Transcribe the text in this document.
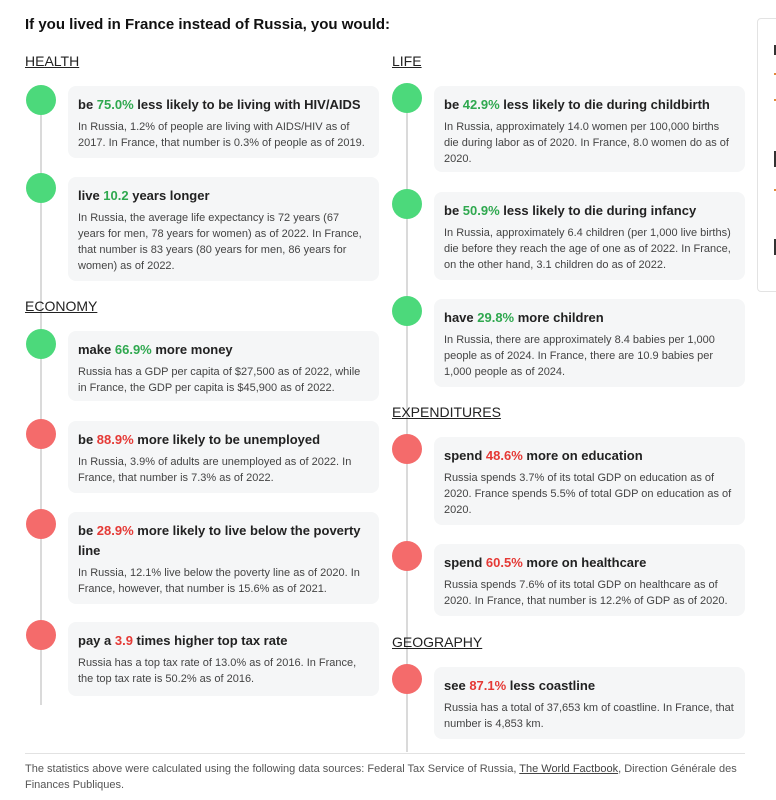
If you lived in France instead of Russia, you would:
HEALTH
be 75.0% less likely to be living with HIV/AIDS
In Russia, 1.2% of people are living with AIDS/HIV as of 2017. In France, that number is 0.3% of people as of 2019.
live 10.2 years longer
In Russia, the average life expectancy is 72 years (67 years for men, 78 years for women) as of 2022. In France, that number is 83 years (80 years for men, 86 years for women) as of 2022.
ECONOMY
make 66.9% more money
Russia has a GDP per capita of $27,500 as of 2022, while in France, the GDP per capita is $45,900 as of 2022.
be 88.9% more likely to be unemployed
In Russia, 3.9% of adults are unemployed as of 2022. In France, that number is 7.3% as of 2022.
be 28.9% more likely to live below the poverty line
In Russia, 12.1% live below the poverty line as of 2020. In France, however, that number is 15.6% as of 2021.
pay a 3.9 times higher top tax rate
Russia has a top tax rate of 13.0% as of 2016. In France, the top tax rate is 50.2% as of 2016.
LIFE
be 42.9% less likely to die during childbirth
In Russia, approximately 14.0 women per 100,000 births die during labor as of 2020. In France, 8.0 women do as of 2020.
be 50.9% less likely to die during infancy
In Russia, approximately 6.4 children (per 1,000 live births) die before they reach the age of one as of 2022. In France, on the other hand, 3.1 children do as of 2022.
have 29.8% more children
In Russia, there are approximately 8.4 babies per 1,000 people as of 2024. In France, there are 10.9 babies per 1,000 people as of 2024.
EXPENDITURES
spend 48.6% more on education
Russia spends 3.7% of its total GDP on education as of 2020. France spends 5.5% of total GDP on education as of 2020.
spend 60.5% more on healthcare
Russia spends 7.6% of its total GDP on healthcare as of 2020. In France, that number is 12.2% of GDP as of 2020.
GEOGRAPHY
see 87.1% less coastline
Russia has a total of 37,653 km of coastline. In France, that number is 4,853 km.
The statistics above were calculated using the following data sources: Federal Tax Service of Russia, The World Factbook, Direction Générale des Finances Publiques.
